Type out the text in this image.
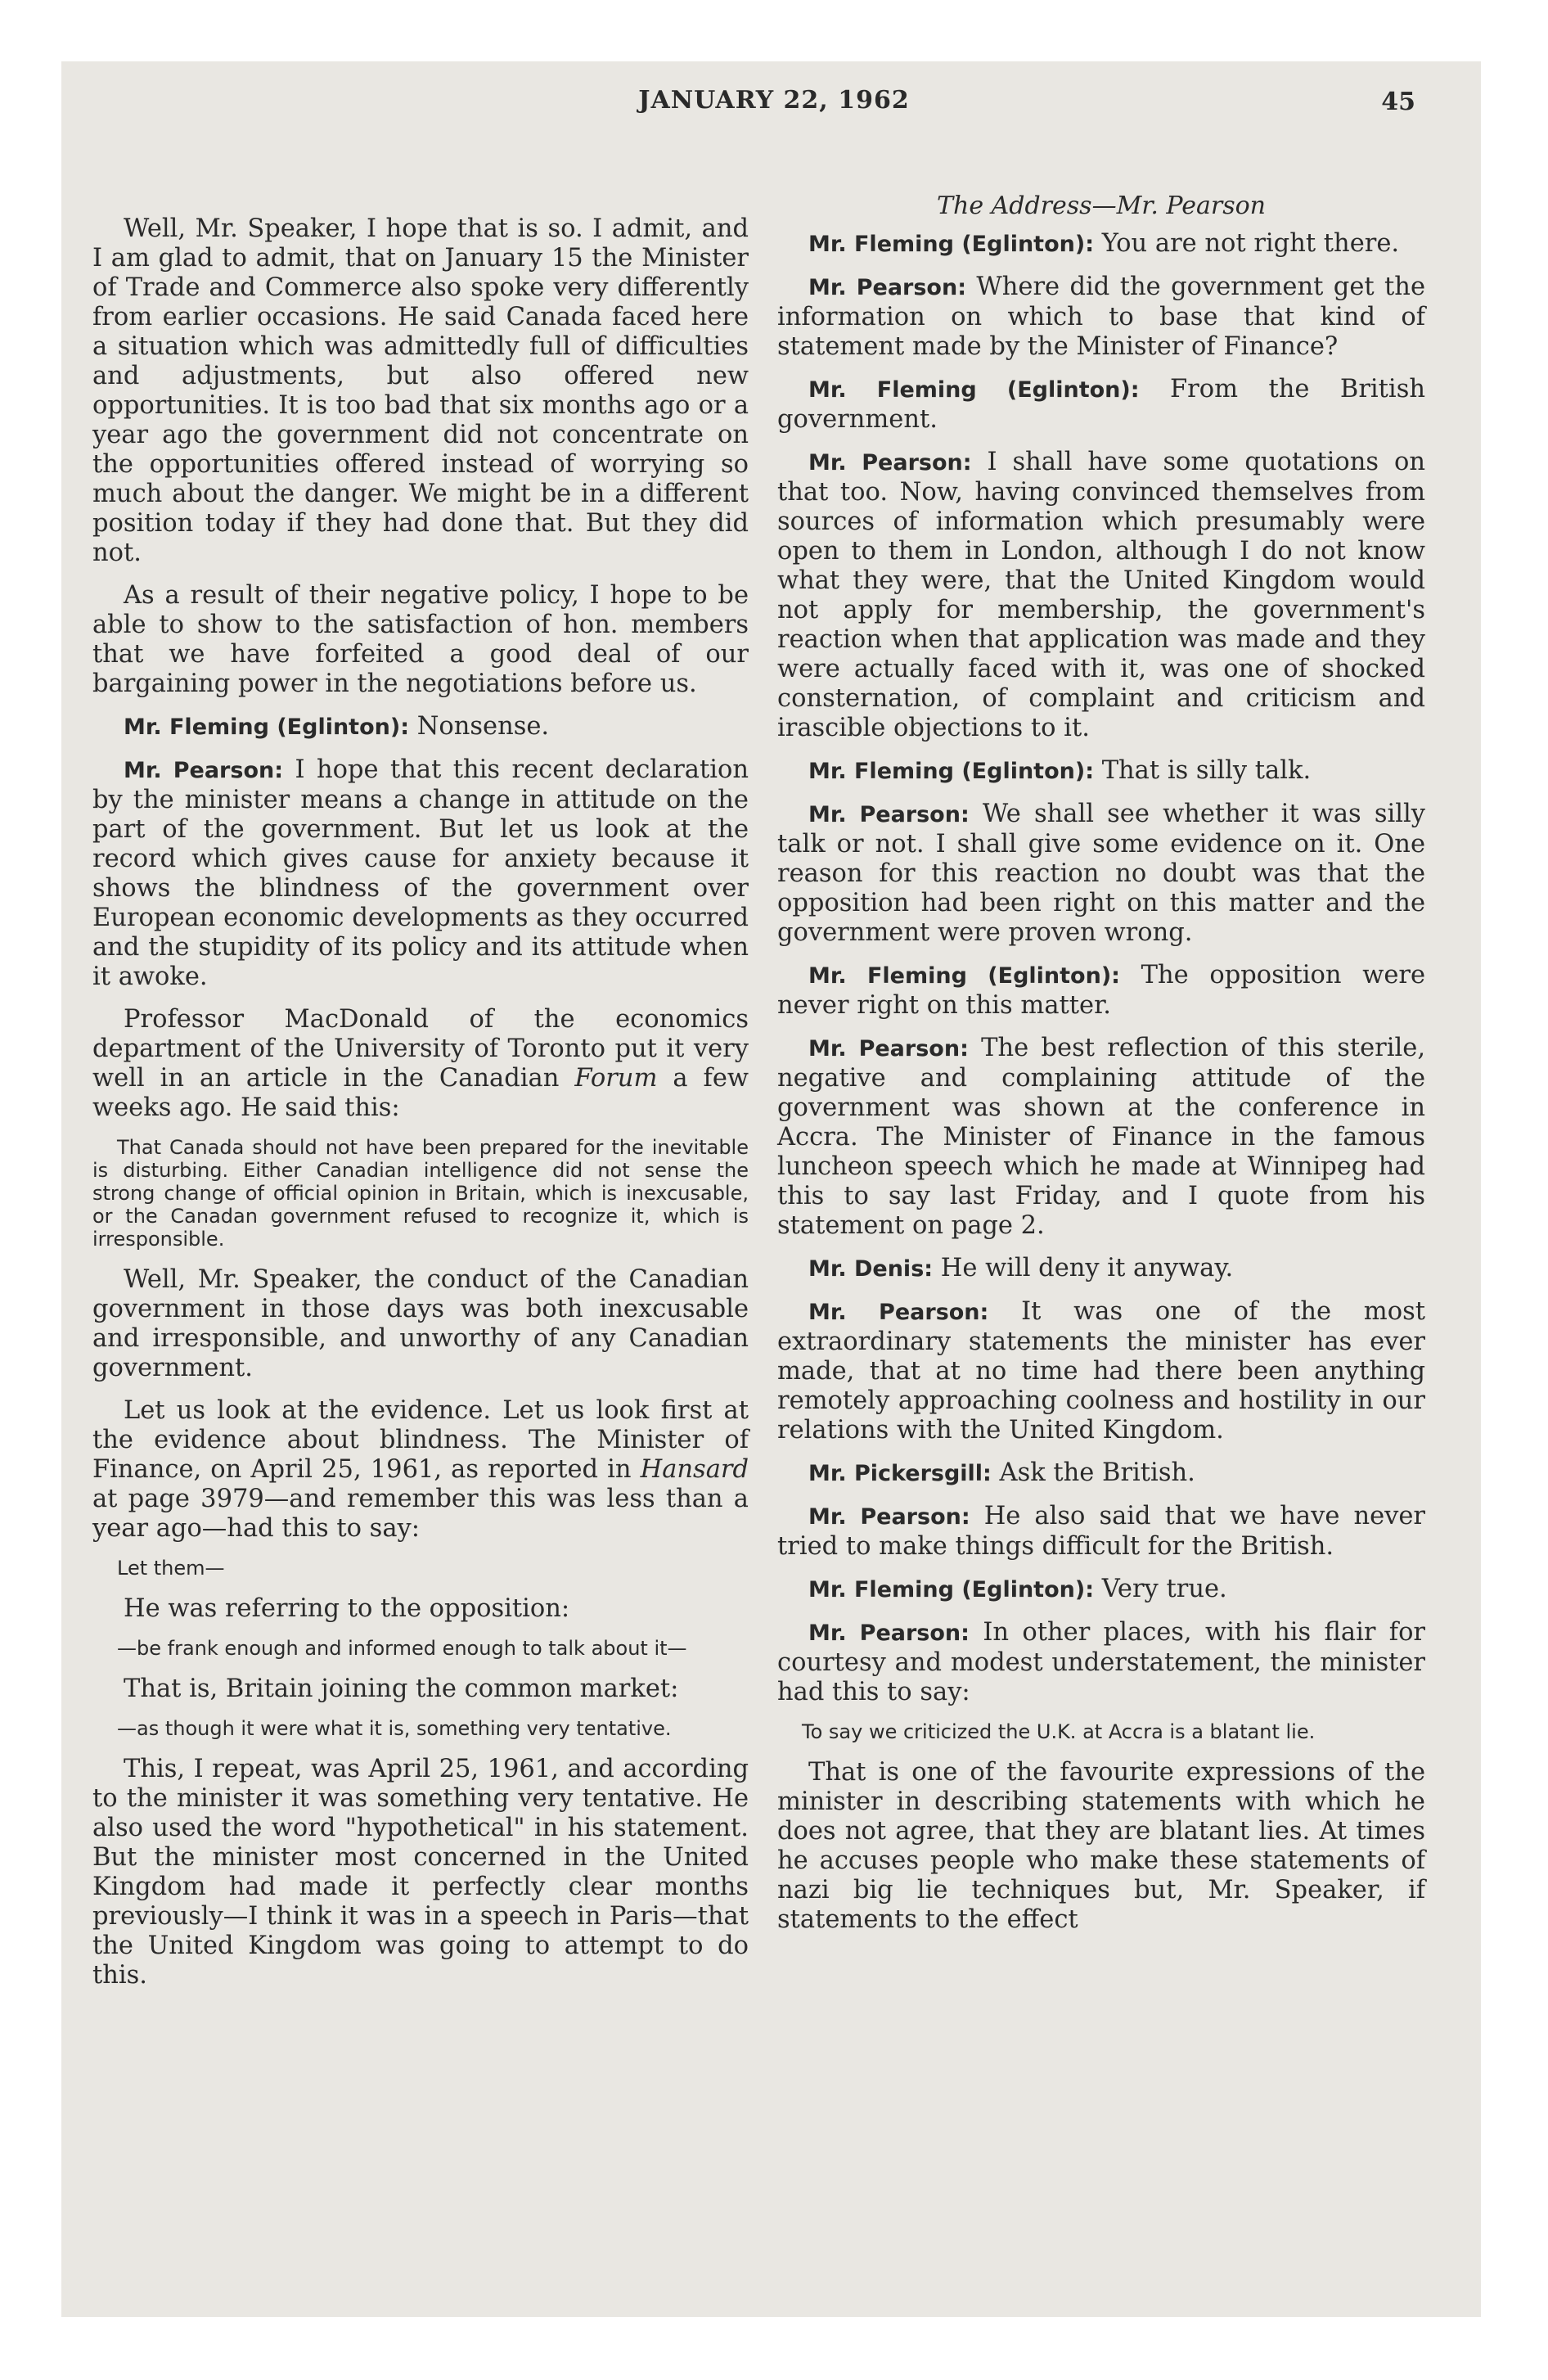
JANUARY 22, 1962	45

Well, Mr. Speaker, I hope that is so. I admit, and I am glad to admit, that on January 15 the Minister of Trade and Commerce also spoke very differently from earlier occasions. He said Canada faced here a situation which was admittedly full of difficulties and adjustments, but also offered new opportunities. It is too bad that six months ago or a year ago the government did not concentrate on the opportunities offered instead of worrying so much about the danger. We might be in a different position today if they had done that. But they did not.

As a result of their negative policy, I hope to be able to show to the satisfaction of hon. members that we have forfeited a good deal of our bargaining power in the negotiations before us.

Mr. Fleming (Eglinton): Nonsense.

Mr. Pearson: I hope that this recent declaration by the minister means a change in attitude on the part of the government. But let us look at the record which gives cause for anxiety because it shows the blindness of the government over European economic developments as they occurred and the stupidity of its policy and its attitude when it awoke.

Professor MacDonald of the economics department of the University of Toronto put it very well in an article in the Canadian Forum a few weeks ago. He said this:

That Canada should not have been prepared for the inevitable is disturbing. Either Canadian intelligence did not sense the strong change of official opinion in Britain, which is inexcusable, or the Canadan government refused to recognize it, which is irresponsible.

Well, Mr. Speaker, the conduct of the Canadian government in those days was both inexcusable and irresponsible, and unworthy of any Canadian government.

Let us look at the evidence. Let us look first at the evidence about blindness. The Minister of Finance, on April 25, 1961, as reported in Hansard at page 3979—and remember this was less than a year ago—had this to say:

Let them—

He was referring to the opposition:

—be frank enough and informed enough to talk about it—

That is, Britain joining the common market:

—as though it were what it is, something very tentative.

This, I repeat, was April 25, 1961, and according to the minister it was something very tentative. He also used the word "hypothetical" in his statement. But the minister most concerned in the United Kingdom had made it perfectly clear months previously—I think it was in a speech in Paris—that the United Kingdom was going to attempt to do this.

The Address—Mr. Pearson

Mr. Fleming (Eglinton): You are not right there.

Mr. Pearson: Where did the government get the information on which to base that kind of statement made by the Minister of Finance?

Mr. Fleming (Eglinton): From the British government.

Mr. Pearson: I shall have some quotations on that too. Now, having convinced themselves from sources of information which presumably were open to them in London, although I do not know what they were, that the United Kingdom would not apply for membership, the government's reaction when that application was made and they were actually faced with it, was one of shocked consternation, of complaint and criticism and irascible objections to it.

Mr. Fleming (Eglinton): That is silly talk.

Mr. Pearson: We shall see whether it was silly talk or not. I shall give some evidence on it. One reason for this reaction no doubt was that the opposition had been right on this matter and the government were proven wrong.

Mr. Fleming (Eglinton): The opposition were never right on this matter.

Mr. Pearson: The best reflection of this sterile, negative and complaining attitude of the government was shown at the conference in Accra. The Minister of Finance in the famous luncheon speech which he made at Winnipeg had this to say last Friday, and I quote from his statement on page 2.

Mr. Denis: He will deny it anyway.

Mr. Pearson: It was one of the most extraordinary statements the minister has ever made, that at no time had there been anything remotely approaching coolness and hostility in our relations with the United Kingdom.

Mr. Pickersgill: Ask the British.

Mr. Pearson: He also said that we have never tried to make things difficult for the British.

Mr. Fleming (Eglinton): Very true.

Mr. Pearson: In other places, with his flair for courtesy and modest understatement, the minister had this to say:

To say we criticized the U.K. at Accra is a blatant lie.

That is one of the favourite expressions of the minister in describing statements with which he does not agree, that they are blatant lies. At times he accuses people who make these statements of nazi big lie techniques but, Mr. Speaker, if statements to the effect
